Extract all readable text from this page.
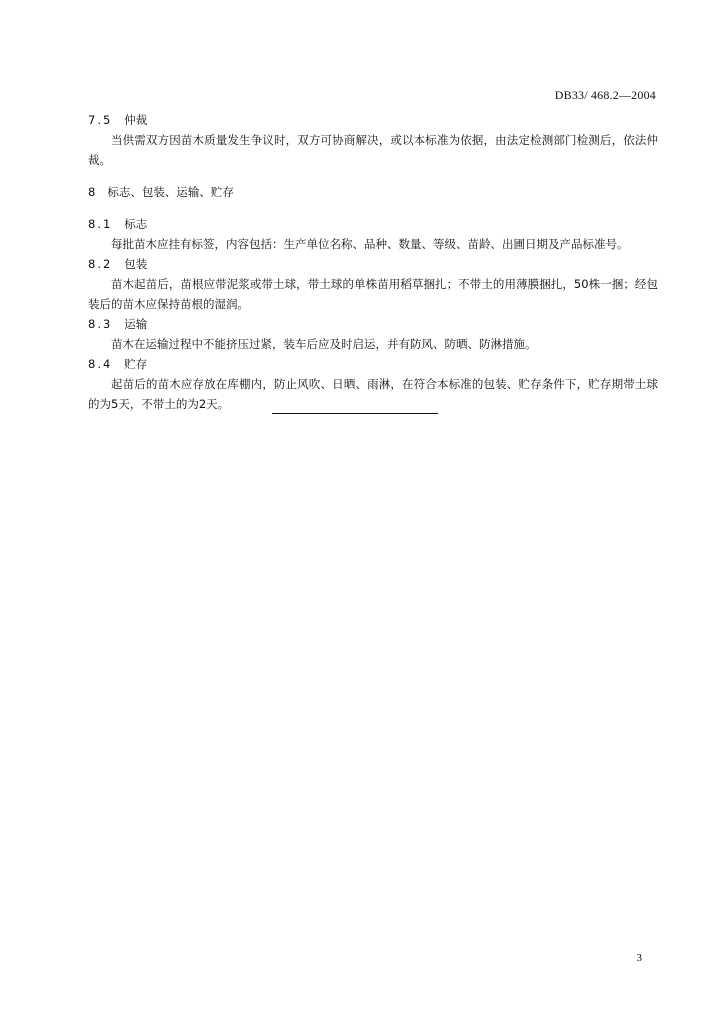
DB33/ 468.2—2004
7.5 仲裁
当供需双方因苗木质量发生争议时，双方可协商解决，或以本标准为依据，由法定检测部门检测后，依法仲裁。
8 标志、包装、运输、贮存
8.1 标志
每批苗木应挂有标签，内容包括：生产单位名称、品种、数量、等级、苗龄、出圃日期及产品标准号。
8.2 包装
苗木起苗后，苗根应带泥浆或带土球，带土球的单株苗用稻草捆扎；不带土的用薄膜捆扎，50株一捆；经包装后的苗木应保持苗根的湿润。
8.3 运输
苗木在运输过程中不能挤压过紧，装车后应及时启运，并有防风、防晒、防淋措施。
8.4 贮存
起苗后的苗木应存放在库棚内，防止风吹、日晒、雨淋，在符合本标准的包装、贮存条件下，贮存期带土球的为5天，不带土的为2天。
3
